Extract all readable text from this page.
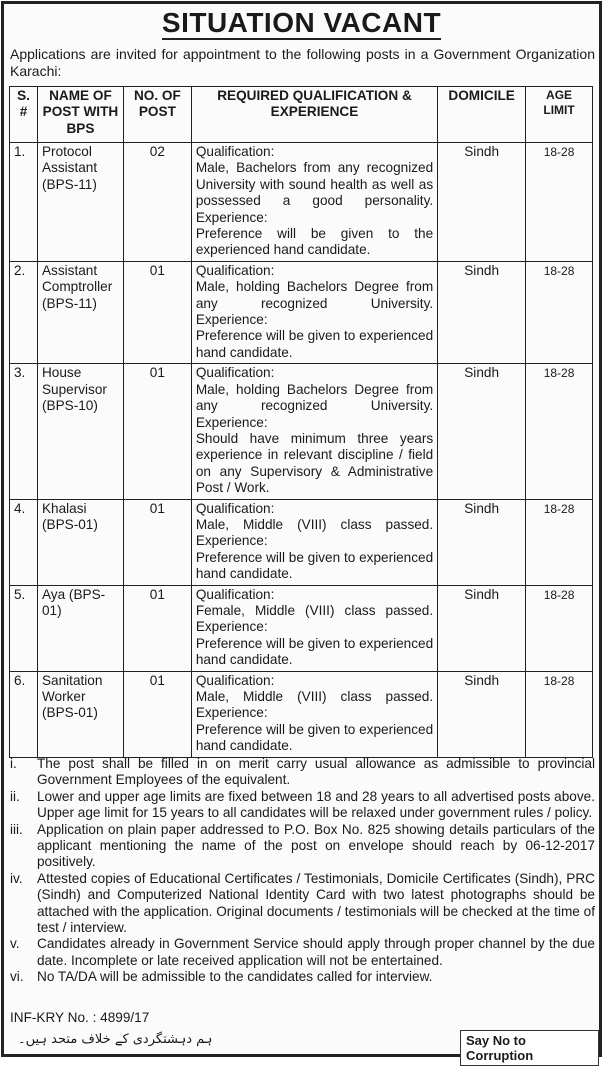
SITUATION VACANT
Applications are invited for appointment to the following posts in a Government Organization Karachi:
S. #	NAME OF POST WITH BPS	NO. OF POST	REQUIRED QUALIFICATION & EXPERIENCE	DOMICILE	AGE LIMIT
1.	Protocol Assistant (BPS-11)	02	Qualification:
Male, Bachelors from any recognized University with sound health as well as possessed a good personality.
Experience:
Preference will be given to the experienced hand candidate.	Sindh	18-28
2.	Assistant Comptroller (BPS-11)	01	Qualification:
Male, holding Bachelors Degree from any recognized University.
Experience:
Preference will be given to experienced hand candidate.	Sindh	18-28
3.	House Supervisor (BPS-10)	01	Qualification:
Male, holding Bachelors Degree from any recognized University.
Experience:
Should have minimum three years experience in relevant discipline / field on any Supervisory & Administrative Post / Work.	Sindh	18-28
4.	Khalasi (BPS-01)	01	Qualification:
Male, Middle (VIII) class passed.
Experience:
Preference will be given to experienced hand candidate.	Sindh	18-28
5.	Aya (BPS-01)	01	Qualification:
Female, Middle (VIII) class passed.
Experience:
Preference will be given to experienced hand candidate.	Sindh	18-28
6.	Sanitation Worker (BPS-01)	01	Qualification:
Male, Middle (VIII) class passed.
Experience:
Preference will be given to experienced hand candidate.	Sindh	18-28
i.	The post shall be filled in on merit carry usual allowance as admissible to provincial Government Employees of the equivalent.
ii.	Lower and upper age limits are fixed between 18 and 28 years to all advertised posts above. Upper age limit for 15 years to all candidates will be relaxed under government rules / policy.
iii.	Application on plain paper addressed to P.O. Box No. 825 showing details particulars of the applicant mentioning the name of the post on envelope should reach by 06-12-2017 positively.
iv.	Attested copies of Educational Certificates / Testimonials, Domicile Certificates (Sindh), PRC (Sindh) and Computerized National Identity Card with two latest photographs should be attached with the application. Original documents / testimonials will be checked at the time of test / interview.
v.	Candidates already in Government Service should apply through proper channel by the due date. Incomplete or late received application will not be entertained.
vi. No TA/DA will be admissible to the candidates called for interview.
INF-KRY No. : 4899/17
ہم دہشتگردی کے خلاف متحد ہیں۔	Say No to Corruption
